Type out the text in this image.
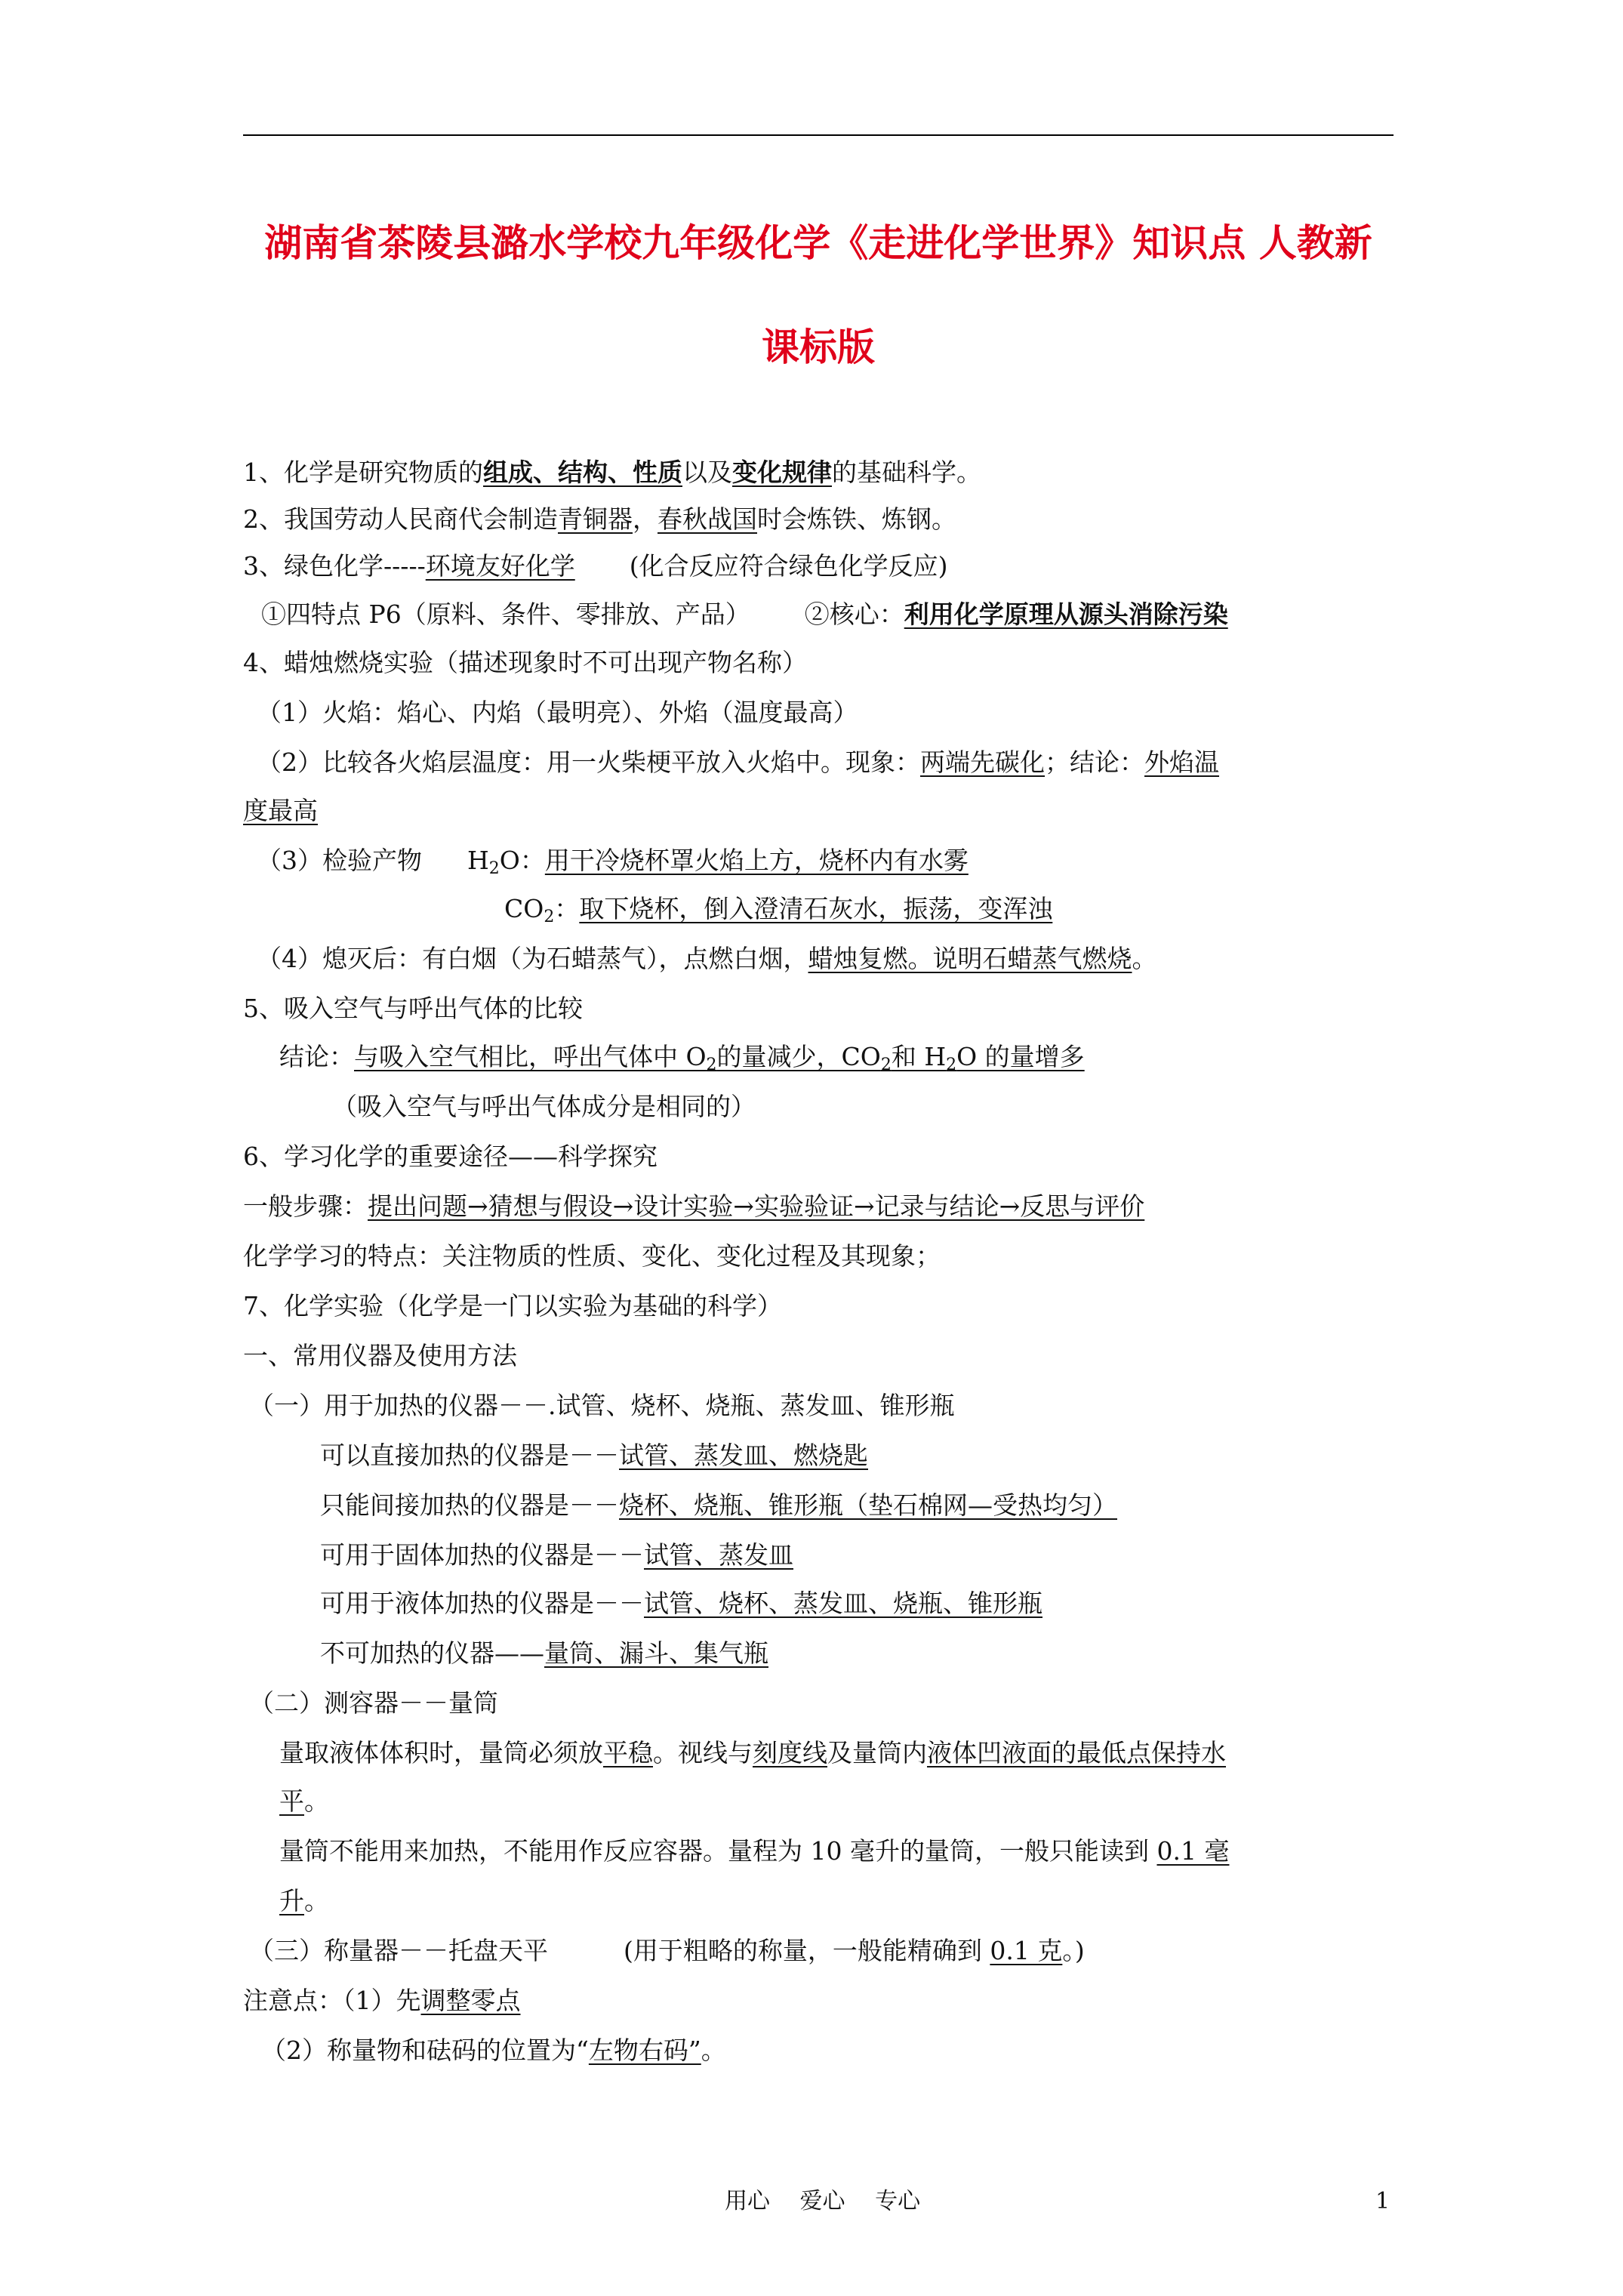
湖南省茶陵县潞水学校九年级化学《走进化学世界》知识点 人教新
课标版

1、化学是研究物质的组成、结构、性质以及变化规律的基础科学。

2、我国劳动人民商代会制造青铜器，春秋战国时会炼铁、炼钢。

3、绿色化学-----环境友好化学 (化合反应符合绿色化学反应)

①四特点 P6（原料、条件、零排放、产品） ②核心：利用化学原理从源头消除污染

4、蜡烛燃烧实验（描述现象时不可出现产物名称）

（1）火焰：焰心、内焰（最明亮）、外焰（温度最高）

（2）比较各火焰层温度：用一火柴梗平放入火焰中。现象：两端先碳化；结论：外焰温

度最高

（3）检验产物 $H_2O$：用干冷烧杯罩火焰上方，烧杯内有水雾

$CO_2$：取下烧杯，倒入澄清石灰水，振荡，变浑浊

（4）熄灭后：有白烟（为石蜡蒸气），点燃白烟，蜡烛复燃。说明石蜡蒸气燃烧。

5、吸入空气与呼出气体的比较

结论：与吸入空气相比，呼出气体中 $O_2$的量减少，$CO_2$和 $H_2O$ 的量增多

（吸入空气与呼出气体成分是相同的）

6、学习化学的重要途径——科学探究

一般步骤：提出问题→猜想与假设→设计实验→实验验证→记录与结论→反思与评价

化学学习的特点：关注物质的性质、变化、变化过程及其现象；

7、化学实验（化学是一门以实验为基础的科学）

一、常用仪器及使用方法

（一）用于加热的仪器－－.试管、烧杯、烧瓶、蒸发皿、锥形瓶

可以直接加热的仪器是－－试管、蒸发皿、燃烧匙

只能间接加热的仪器是－－烧杯、烧瓶、锥形瓶（垫石棉网—受热均匀）

可用于固体加热的仪器是－－试管、蒸发皿

可用于液体加热的仪器是－－试管、烧杯、蒸发皿、烧瓶、锥形瓶

不可加热的仪器——量筒、漏斗、集气瓶

（二）测容器－－量筒

量取液体体积时，量筒必须放平稳。视线与刻度线及量筒内液体凹液面的最低点保持水

平。

量筒不能用来加热，不能用作反应容器。量程为 10 毫升的量筒，一般只能读到 0.1 毫

升。

（三）称量器－－托盘天平	(用于粗略的称量，一般能精确到 0.1 克。)

注意点：（1）先调整零点

（2）称量物和砝码的位置为“左物右码”。

用心　 爱心　 专心	1
